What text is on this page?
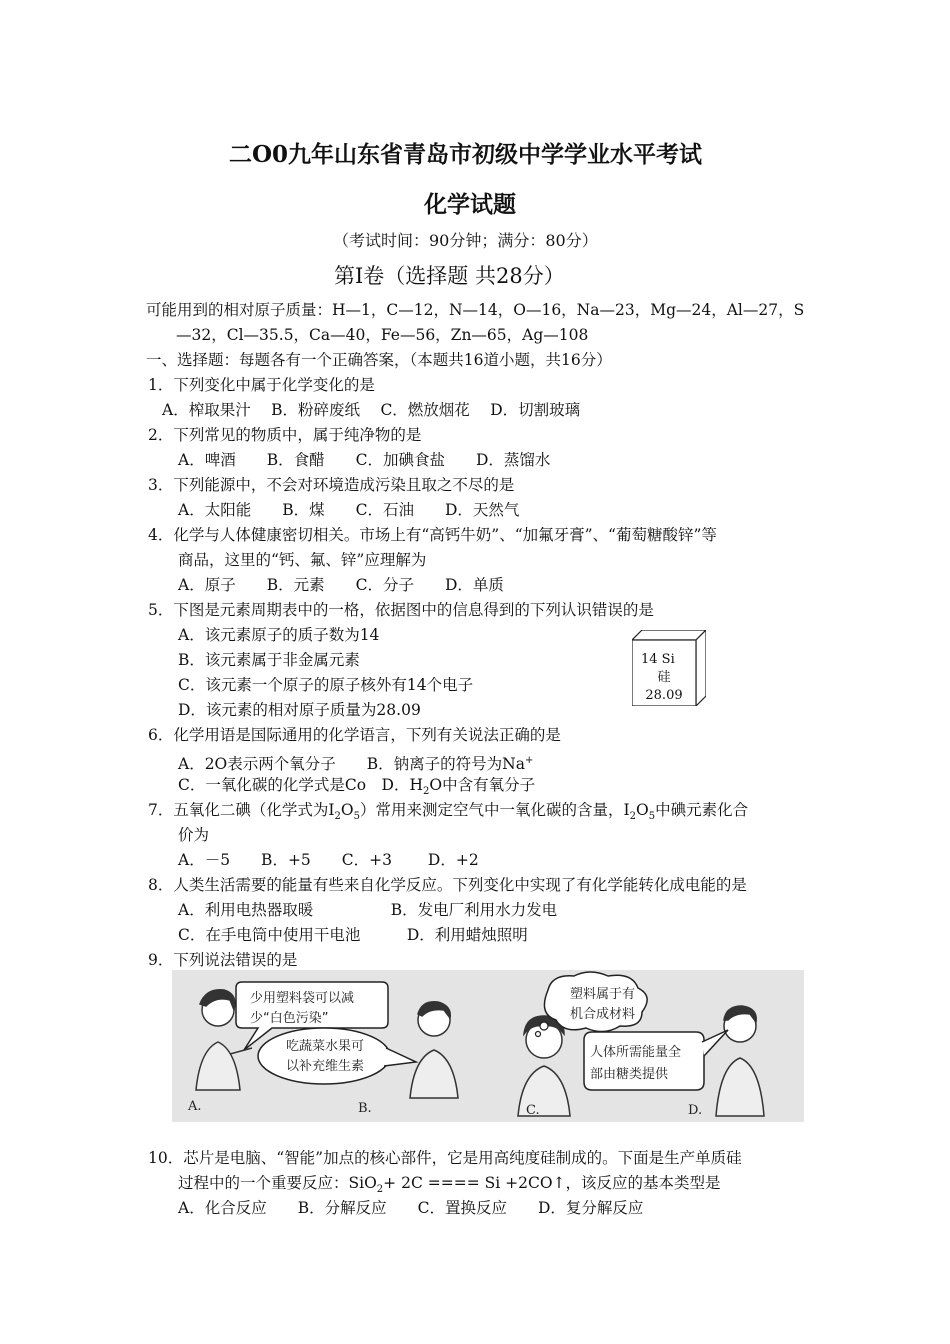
二O0九年山东省青岛市初级中学学业水平考试
化学试题
（考试时间：90分钟；满分：80分）
第Ⅰ卷（选择题 共28分）
可能用到的相对原子质量：H—1，C—12，N—14，O—16，Na—23，Mg—24，Al—27，S
—32，Cl—35.5，Ca—40，Fe—56，Zn—65，Ag—108
一、选择题：每题各有一个正确答案，（本题共16道小题，共16分）
1．下列变化中属于化学变化的是
A．榨取果汁　 B．粉碎废纸　 C．燃放烟花　 D．切割玻璃
2．下列常见的物质中，属于纯净物的是
A．啤酒　　B．食醋　　C．加碘食盐　　D．蒸馏水
3．下列能源中，不会对环境造成污染且取之不尽的是
A．太阳能　　B．煤　　C．石油　　D．天然气
4．化学与人体健康密切相关。市场上有“高钙牛奶”、“加氟牙膏”、“葡萄糖酸锌”等
商品，这里的“钙、氟、锌”应理解为
A．原子　　B．元素　　C．分子　　D．单质
5．下图是元素周期表中的一格，依据图中的信息得到的下列认识错误的是
A．该元素原子的质子数为14
B．该元素属于非金属元素
C．该元素一个原子的原子核外有14个电子
D．该元素的相对原子质量为28.09
14 Si
硅
28.09
6．化学用语是国际通用的化学语言，下列有关说法正确的是
A．2O表示两个氧分子　　B．钠离子的符号为Na+
C．一氧化碳的化学式是Co　D．$H_2O$中含有氧分子
7．五氧化二碘（化学式为$I_2O_5$）常用来测定空气中一氧化碳的含量，$I_2O_5$中碘元素化合
价为
A．－5　　B．+5　　C．+3　　 D．+2
8．人类生活需要的能量有些来自化学反应。下列变化中实现了有化学能转化成电能的是
A．利用电热器取暖　　　　　B．发电厂利用水力发电
C．在手电筒中使用干电池　　　D．利用蜡烛照明
9．下列说法错误的是
少用塑料袋可以减
少“白色污染”
吃蔬菜水果可
以补充维生素
塑料属于有
机合成材料
人体所需能量全
部由糖类提供
A.	B.	C.	D.
10．芯片是电脑、“智能”加点的核心部件，它是用高纯度硅制成的。下面是生产单质硅
过程中的一个重要反应：SiO$_2$+ 2C ==== Si +2CO↑，该反应的基本类型是
A．化合反应　　B．分解反应　　C．置换反应　　D．复分解反应
